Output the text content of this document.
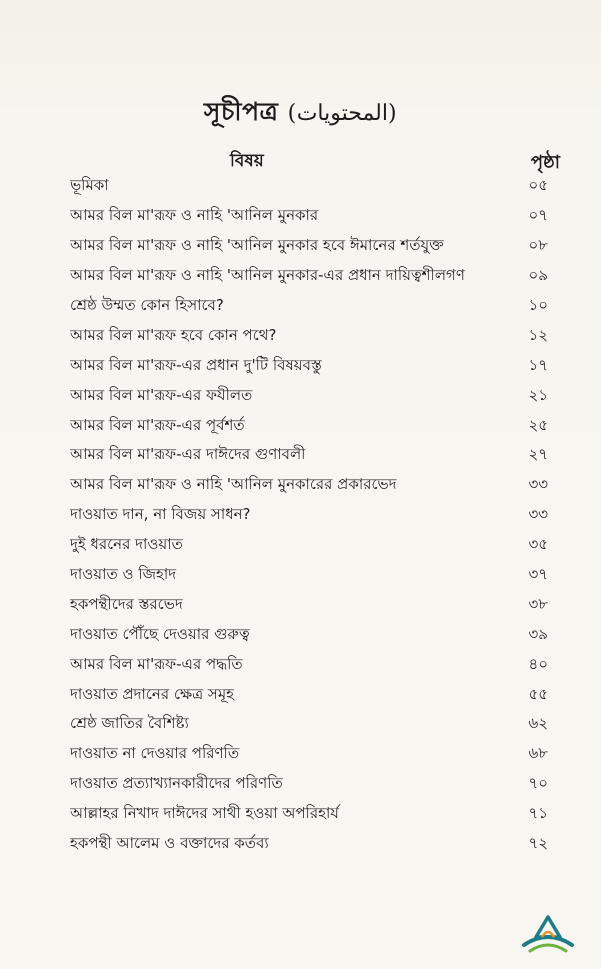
সূচীপত্র (المحتويات)
বিষয়	পৃষ্ঠা
ভূমিকা	০৫
আমর বিল মা'রূফ ও নাহি 'আনিল মুনকার	০৭
আমর বিল মা'রূফ ও নাহি 'আনিল মুনকার হবে ঈমানের শর্তযুক্ত	০৮
আমর বিল মা'রূফ ও নাহি 'আনিল মুনকার-এর প্রধান দায়িত্বশীলগণ	০৯
শ্রেষ্ঠ উম্মত কোন হিসাবে?	১০
আমর বিল মা'রূফ হবে কোন পথে?	১২
আমর বিল মা'রূফ-এর প্রধান দু'টি বিষয়বস্তু	১৭
আমর বিল মা'রূফ-এর ফযীলত	২১
আমর বিল মা'রূফ-এর পূর্বশর্ত	২৫
আমর বিল মা'রূফ-এর দাঈদের গুণাবলী	২৭
আমর বিল মা'রূফ ও নাহি 'আনিল মুনকারের প্রকারভেদ	৩৩
দাওয়াত দান, না বিজয় সাধন?	৩৩
দুই ধরনের দাওয়াত	৩৫
দাওয়াত ও জিহাদ	৩৭
হকপন্থীদের স্তরভেদ	৩৮
দাওয়াত পৌঁছে দেওয়ার গুরুত্ব	৩৯
আমর বিল মা'রূফ-এর পদ্ধতি	৪০
দাওয়াত প্রদানের ক্ষেত্র সমূহ	৫৫
শ্রেষ্ঠ জাতির বৈশিষ্ট্য	৬২
দাওয়াত না দেওয়ার পরিণতি	৬৮
দাওয়াত প্রত্যাখ্যানকারীদের পরিণতি	৭০
আল্লাহর নিখাদ দাঈদের সাথী হওয়া অপরিহার্য	৭১
হকপন্থী আলেম ও বক্তাদের কর্তব্য	৭২
